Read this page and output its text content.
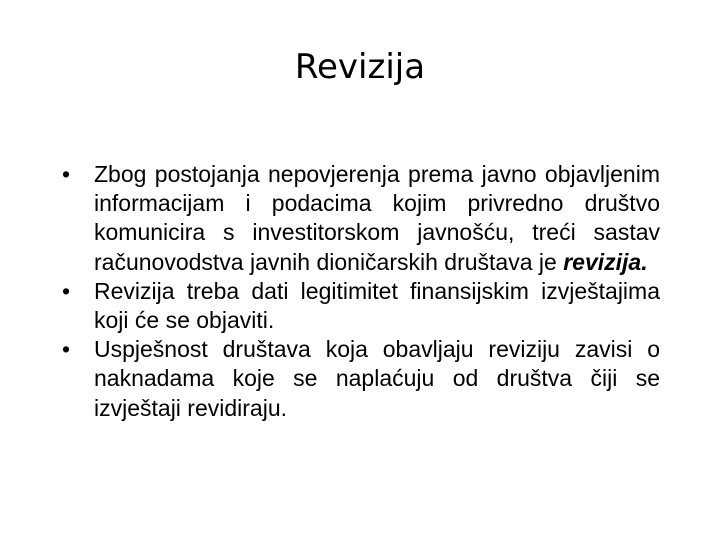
Revizija
•	Zbog postojanja nepovjerenja prema javno objavljenim informacijam i podacima kojim privredno društvo komunicira s investitorskom javnošću, treći sastav računovodstva javnih dioničarskih društava je revizija.
•	Revizija treba dati legitimitet finansijskim izvještajima koji će se objaviti.
•	Uspješnost društava koja obavljaju reviziju zavisi o naknadama koje se naplaćuju od društva čiji se izvještaji revidiraju.
